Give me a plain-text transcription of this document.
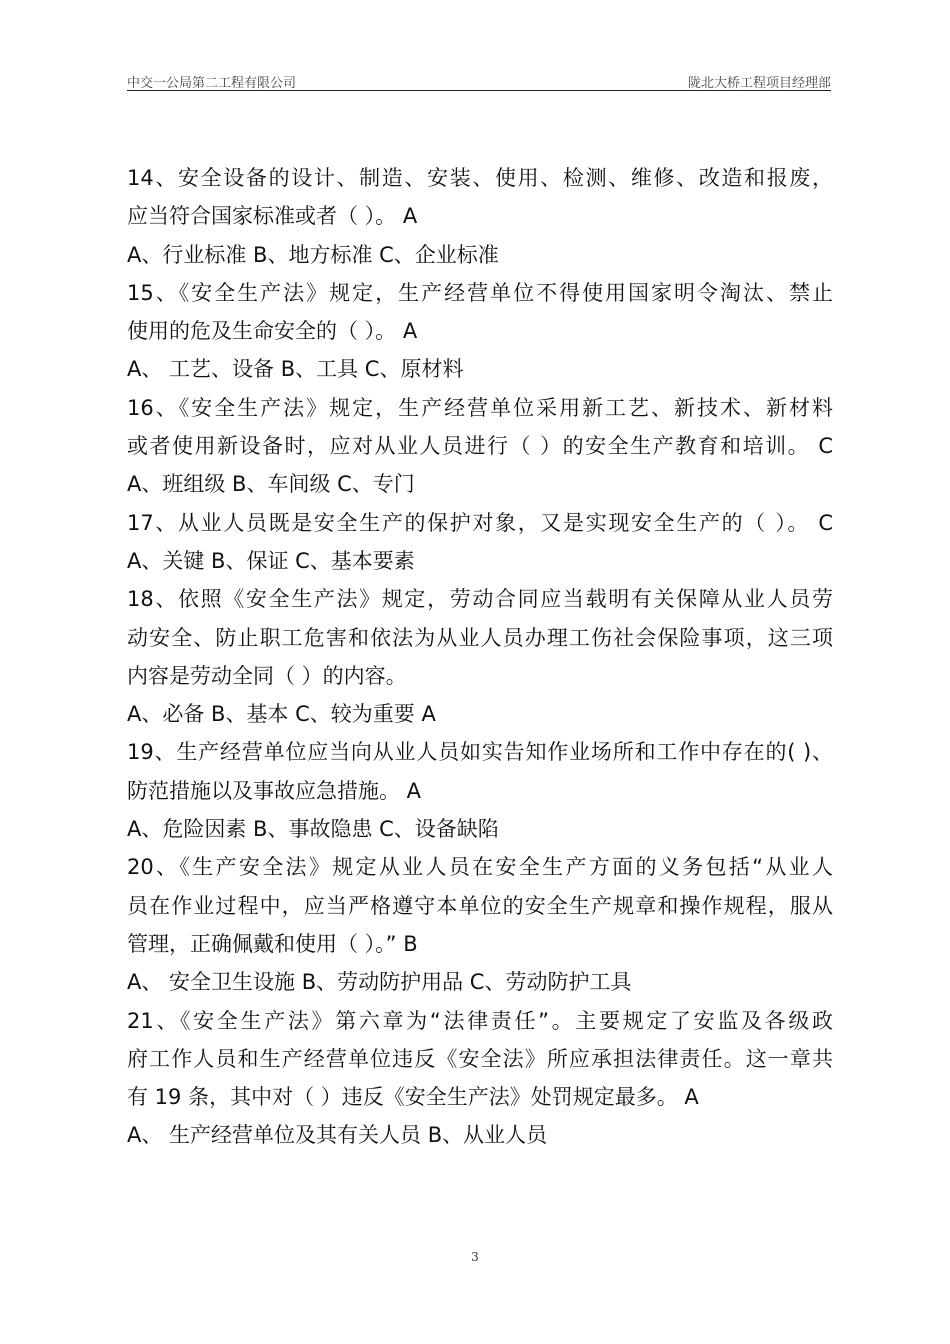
中交一公局第二工程有限公司	陇北大桥工程项目经理部
14、安全设备的设计、制造、安装、使用、检测、维修、改造和报废，
应当符合国家标准或者（ ）。 A
A、行业标准 B、地方标准 C、企业标准
15、《安全生产法》规定，生产经营单位不得使用国家明令淘汰、禁止
使用的危及生命安全的（ ）。 A
A、 工艺、设备 B、工具 C、原材料
16、《安全生产法》规定，生产经营单位采用新工艺、新技术、新材料
或者使用新设备时，应对从业人员进行（ ）的安全生产教育和培训。 C
A、班组级 B、车间级 C、专门
17、从业人员既是安全生产的保护对象，又是实现安全生产的（ ）。 C
A、关键 B、保证 C、基本要素
18、依照《安全生产法》规定，劳动合同应当载明有关保障从业人员劳
动安全、防止职工危害和依法为从业人员办理工伤社会保险事项，这三项
内容是劳动全同（ ）的内容。
A、必备 B、基本 C、较为重要 A
19、生产经营单位应当向从业人员如实告知作业场所和工作中存在的( )、
防范措施以及事故应急措施。 A
A、危险因素 B、事故隐患 C、设备缺陷
20、《生产安全法》规定从业人员在安全生产方面的义务包括“从业人
员在作业过程中，应当严格遵守本单位的安全生产规章和操作规程，服从
管理，正确佩戴和使用（ ）。” B
A、 安全卫生设施 B、劳动防护用品 C、劳动防护工具
21、《安全生产法》第六章为“法律责任”。主要规定了安监及各级政
府工作人员和生产经营单位违反《安全法》所应承担法律责任。这一章共
有 19 条，其中对（ ）违反《安全生产法》处罚规定最多。 A
A、 生产经营单位及其有关人员 B、从业人员
3
